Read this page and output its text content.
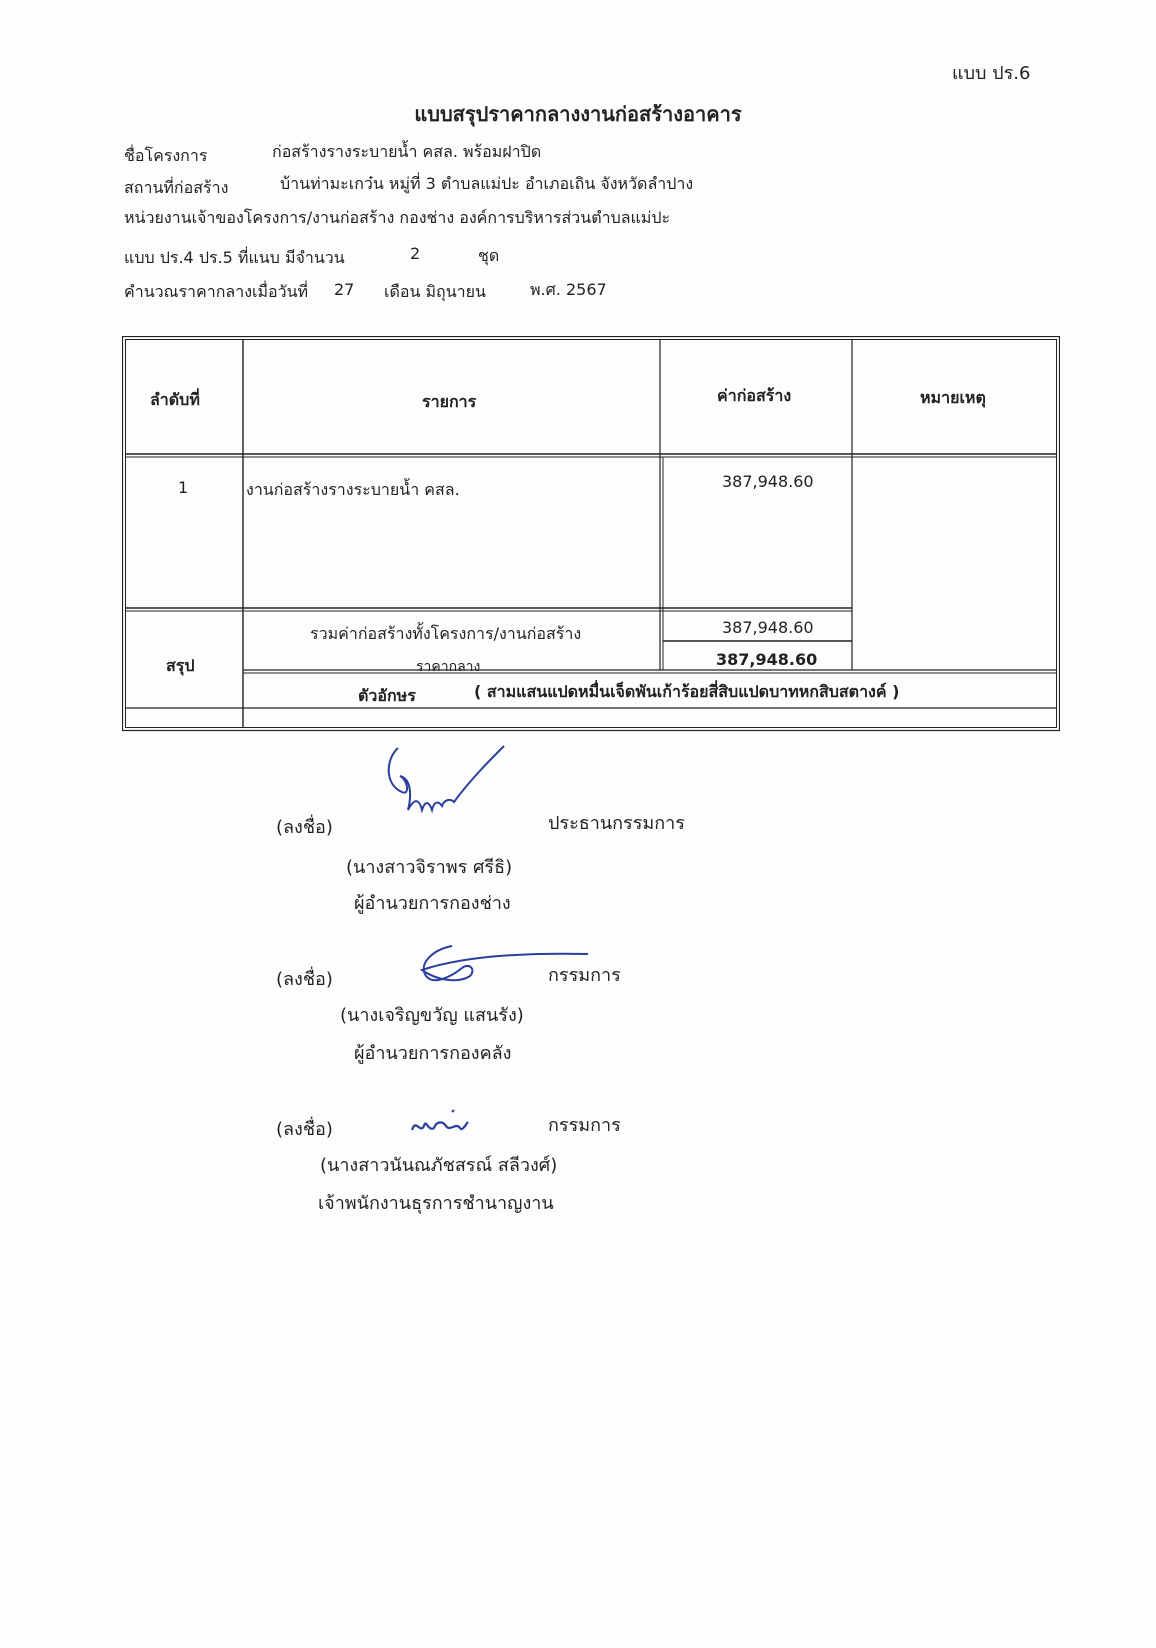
แบบ ปร.6
แบบสรุปราคากลางงานก่อสร้างอาคาร
ชื่อโครงการ	ก่อสร้างรางระบายน้ำ คสล. พร้อมฝาปิด
สถานที่ก่อสร้าง	บ้านท่ามะเกว๋น หมู่ที่ 3 ตำบลแม่ปะ อำเภอเถิน จังหวัดลำปาง
หน่วยงานเจ้าของโครงการ/งานก่อสร้าง กองช่าง องค์การบริหารส่วนตำบลแม่ปะ
แบบ ปร.4 ปร.5 ที่แนบ มีจำนวน	2	ชุด
คำนวณราคากลางเมื่อวันที่ 27 เดือน มิถุนายน	พ.ศ. 2567
ลำดับที่	รายการ	ค่าก่อสร้าง	หมายเหตุ
1	งานก่อสร้างรางระบายน้ำ คสล.	387,948.60
สรุป
รวมค่าก่อสร้างทั้งโครงการ/งานก่อสร้าง	387,948.60
ราคากลาง	387,948.60
ตัวอักษร	( สามแสนแปดหมื่นเจ็ดพันเก้าร้อยสี่สิบแปดบาทหกสิบสตางค์ )
(ลงชื่อ)	ประธานกรรมการ
(นางสาวจิราพร ศรีธิ)
ผู้อำนวยการกองช่าง
(ลงชื่อ)	กรรมการ
(นางเจริญขวัญ แสนรัง)
ผู้อำนวยการกองคลัง
(ลงชื่อ)	กรรมการ
(นางสาวนันณภัชสรณ์ สลีวงศ์)
เจ้าพนักงานธุรการชำนาญงาน
